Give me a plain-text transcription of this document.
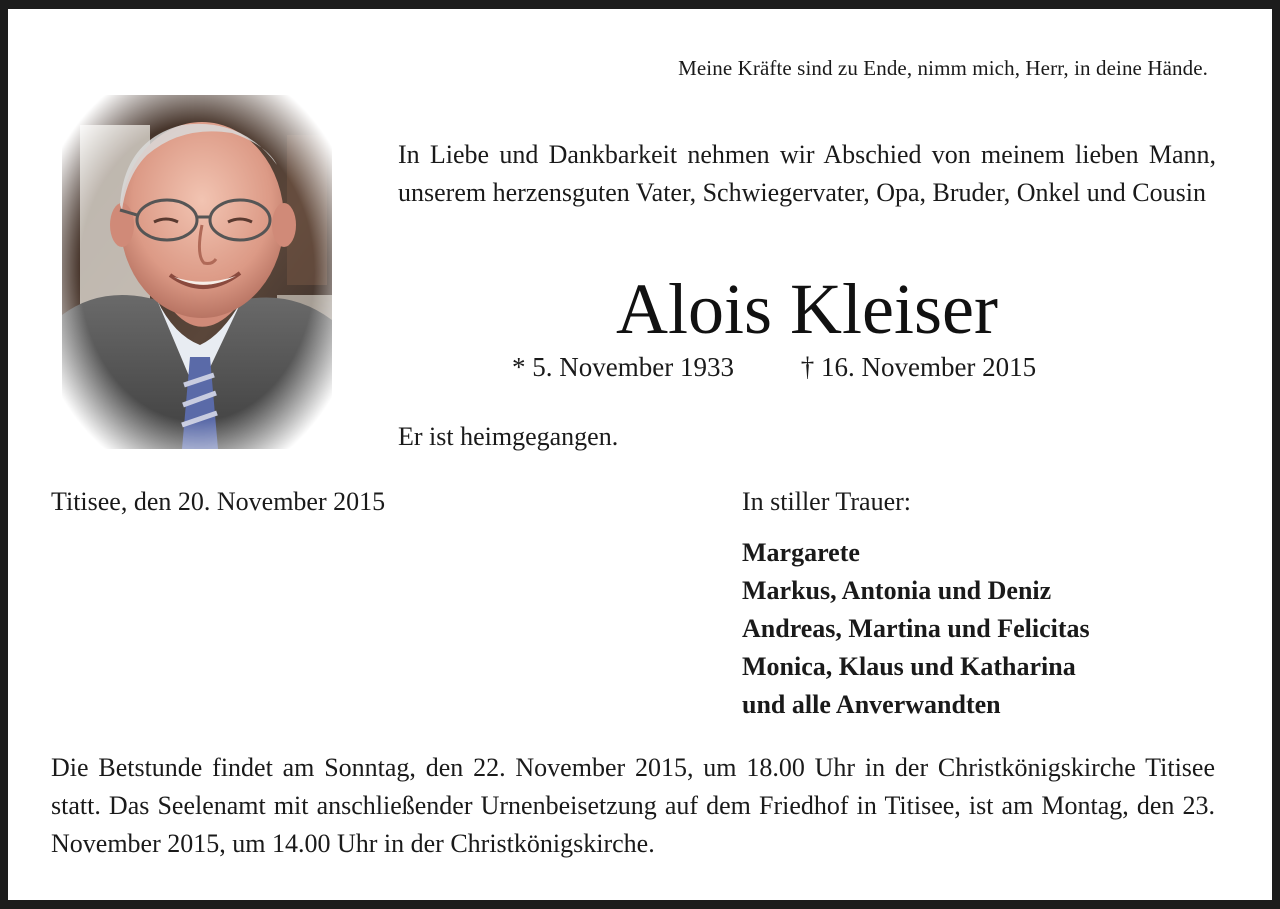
Meine Kräfte sind zu Ende, nimm mich, Herr, in deine Hände.
In Liebe und Dankbarkeit nehmen wir Abschied von meinem lieben Mann, unserem herzensguten Vater, Schwiegervater, Opa, Bruder, Onkel und Cousin
Alois Kleiser
* 5. November 1933 † 16. November 2015
Er ist heimgegangen.
Titisee, den 20. November 2015	In stiller Trauer:
Margarete
Markus, Antonia und Deniz
Andreas, Martina und Felicitas
Monica, Klaus und Katharina
und alle Anverwandten
Die Betstunde findet am Sonntag, den 22. November 2015, um 18.00 Uhr in der Christkönigskirche Titisee statt. Das Seelenamt mit anschließender Urnenbeisetzung auf dem Friedhof in Titisee, ist am Montag, den 23. November 2015, um 14.00 Uhr in der Christkönigskirche.
